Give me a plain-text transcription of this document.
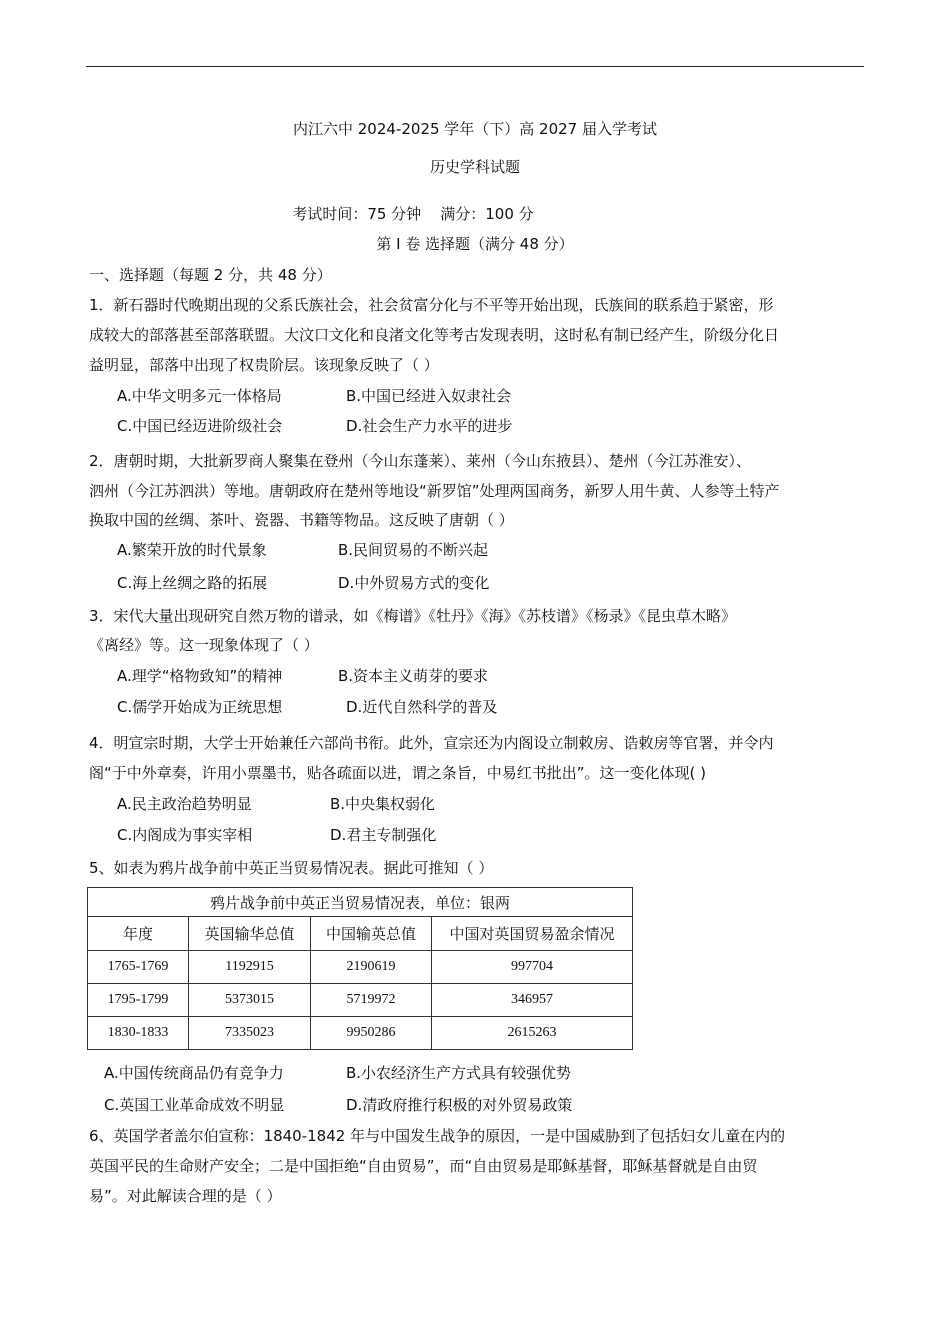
内江六中 2024-2025 学年（下）高 2027 届入学考试
历史学科试题
考试时间：75 分钟    满分：100 分
第 I 卷 选择题（满分 48 分）
一、选择题（每题 2 分，共 48 分）
1．新石器时代晚期出现的父系氏族社会，社会贫富分化与不平等开始出现，氏族间的联系趋于紧密，形
成较大的部落甚至部落联盟。大汶口文化和良渚文化等考古发现表明，这时私有制已经产生，阶级分化日
益明显，部落中出现了权贵阶层。该现象反映了（ ）
A.中华文明多元一体格局	B.中国已经进入奴隶社会
C.中国已经迈进阶级社会	D.社会生产力水平的进步
2．唐朝时期，大批新罗商人聚集在登州（今山东蓬莱）、莱州（今山东掖县）、楚州（今江苏淮安）、
泗州（今江苏泗洪）等地。唐朝政府在楚州等地设“新罗馆”处理两国商务，新罗人用牛黄、人参等土特产
换取中国的丝绸、茶叶、瓷器、书籍等物品。这反映了唐朝（ ）
A.繁荣开放的时代景象	B.民间贸易的不断兴起
C.海上丝绸之路的拓展	D.中外贸易方式的变化
3．宋代大量出现研究自然万物的谱录，如《梅谱》《牡丹》《海》《苏枝谱》《杨录》《昆虫草木略》
《离经》等。这一现象体现了（ ）
A.理学“格物致知”的精神	B.资本主义萌芽的要求
C.儒学开始成为正统思想	D.近代自然科学的普及
4．明宣宗时期，大学士开始兼任六部尚书衔。此外，宣宗还为内阁设立制敕房、诰敕房等官署，并令内
阁“于中外章奏，许用小票墨书，贴各疏面以进，谓之条旨，中易红书批出”。这一变化体现( )
A.民主政治趋势明显	B.中央集权弱化
C.内阁成为事实宰相	D.君主专制强化
5、如表为鸦片战争前中英正当贸易情况表。据此可推知（ ）
鸦片战争前中英正当贸易情况表，单位：银两			
年度	英国输华总值	中国输英总值	中国对英国贸易盈余情况
1765-1769	1192915	2190619	997704
1795-1799	5373015	5719972	346957
1830-1833	7335023	9950286	2615263
A.中国传统商品仍有竞争力	B.小农经济生产方式具有较强优势
C.英国工业革命成效不明显	D.清政府推行积极的对外贸易政策
6、英国学者盖尔伯宣称：1840-1842 年与中国发生战争的原因，一是中国威胁到了包括妇女儿童在内的
英国平民的生命财产安全；二是中国拒绝“自由贸易”，而“自由贸易是耶稣基督，耶稣基督就是自由贸
易”。对此解读合理的是（ ）
